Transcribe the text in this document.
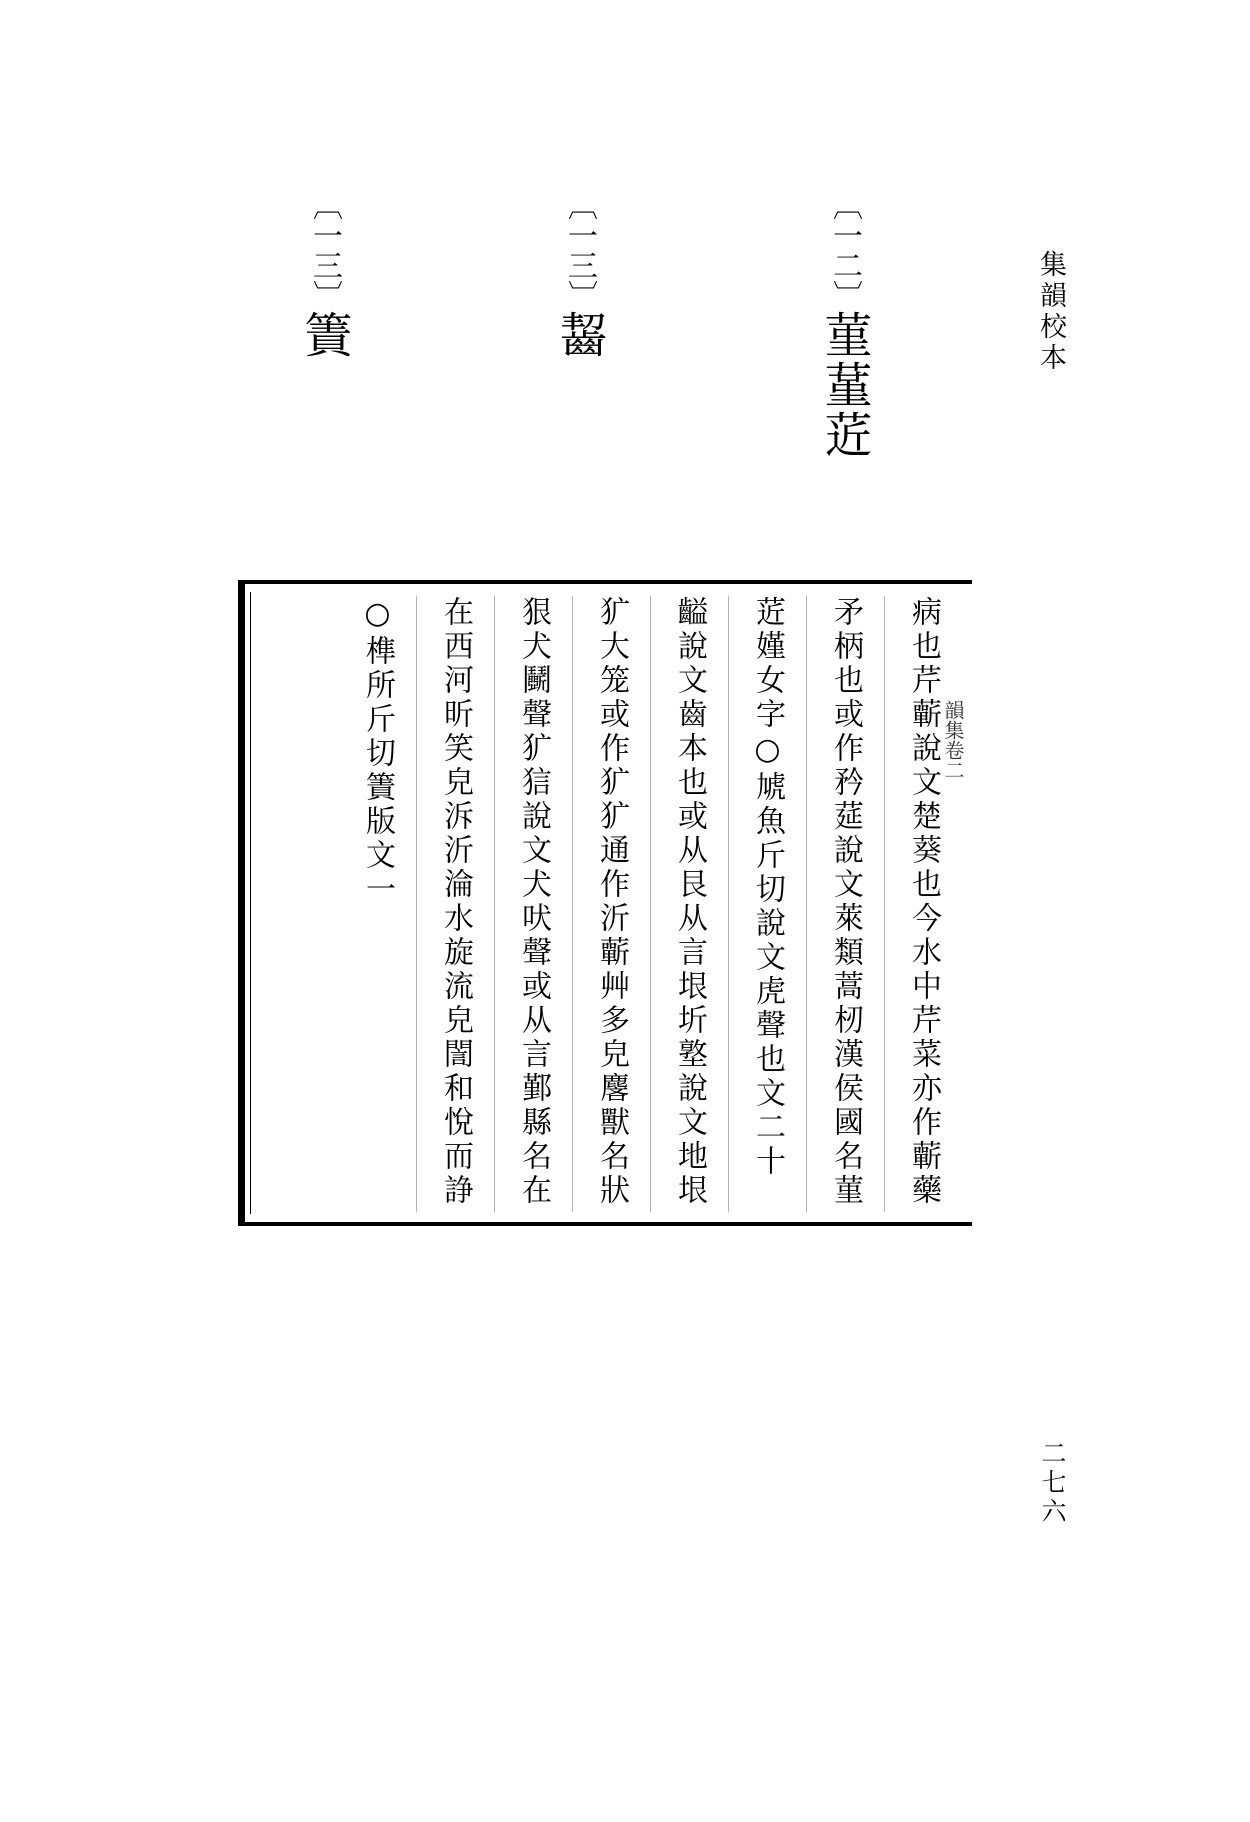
集韻校本

二七六

〔一二〕菫蓳菦
〔一三〕齧
〔一三〕簀
韻集卷二
病也芹蘄說文楚葵也今水中芹菜亦作蘄藥
矛柄也或作矜莚說文萊類蒿杒漢侯國名菫
菦嫤女字○虓魚斤切說文虎聲也文二十
齸說文齒本也或从艮从言垠圻墪說文地垠
犷大笼或作犷犷通作沂蘄艸多皃麐獸名狀
狠犬鬭聲犷狺說文犬吠聲或从言鄞縣名在
在西河昕笑皃泝沂淪水旋流皃誾和悅而諍
○榫所斤切簀版文一
